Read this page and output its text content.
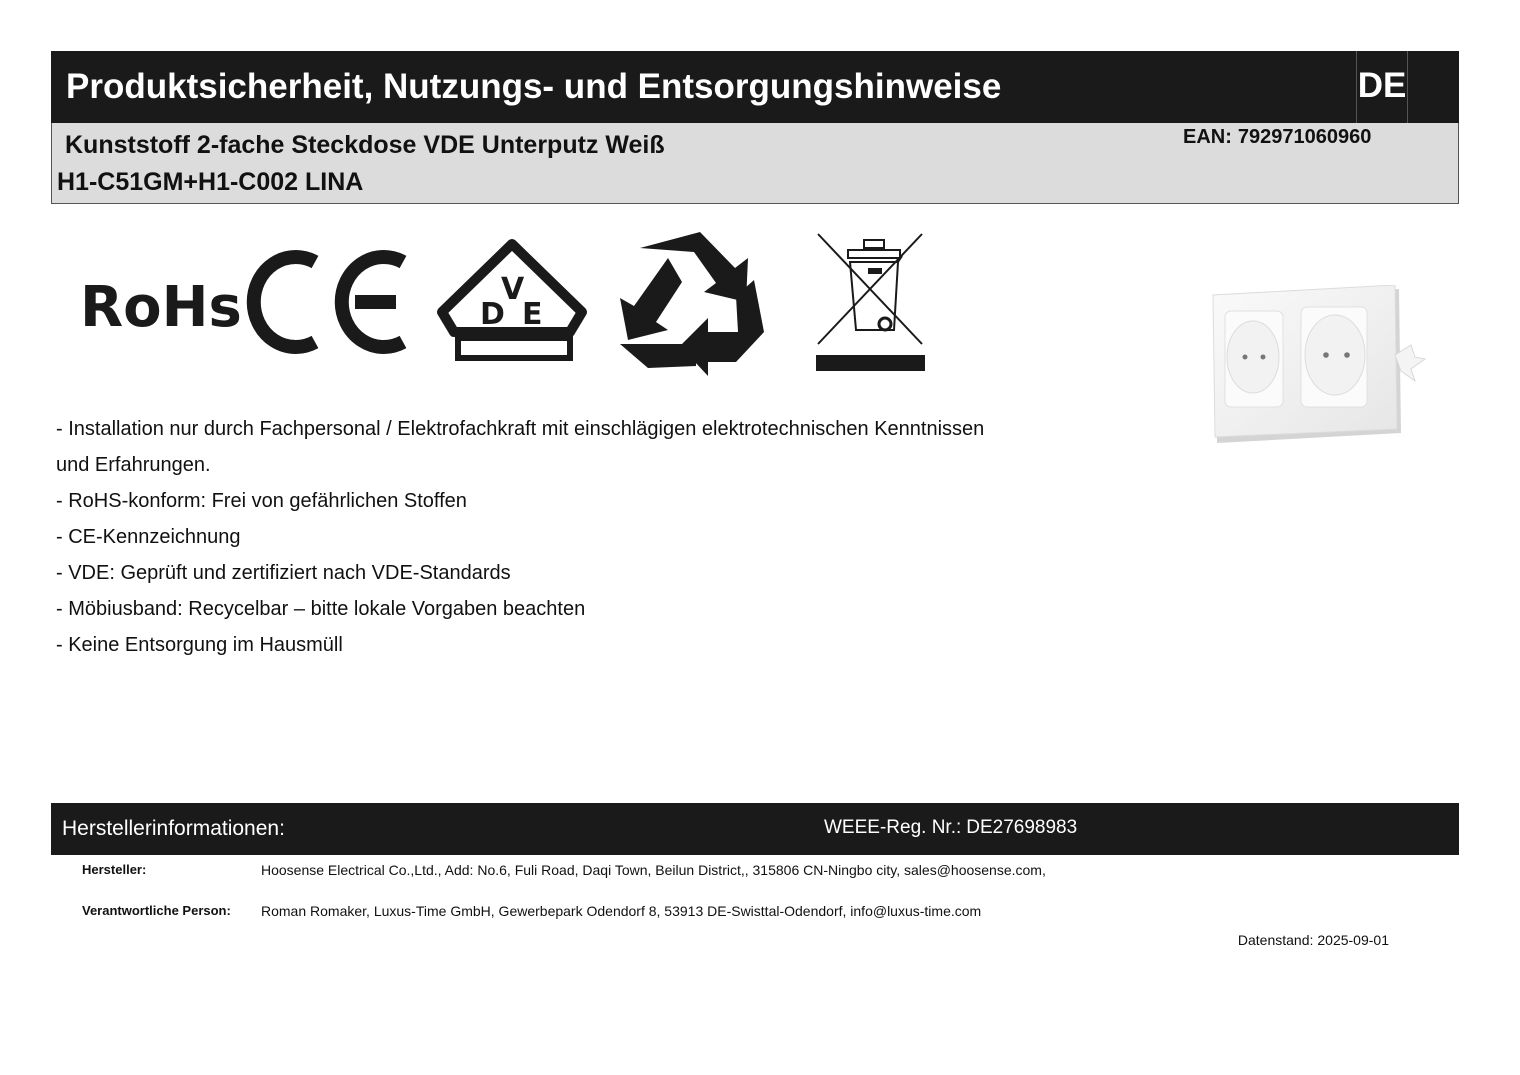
Produktsicherheit, Nutzungs- und Entsorgungshinweise	DE
Kunststoff 2-fache Steckdose VDE Unterputz Weiß
H1-C51GM+H1-C002 LINA
EAN: 792971060960
RoHs	D
V
E
- Installation nur durch Fachpersonal / Elektrofachkraft mit einschlägigen elektrotechnischen Kenntnissen
und Erfahrungen.
- RoHS-konform: Frei von gefährlichen Stoffen
- CE-Kennzeichnung
- VDE: Geprüft und zertifiziert nach VDE-Standards
- Möbiusband: Recycelbar – bitte lokale Vorgaben beachten
- Keine Entsorgung im Hausmüll
Herstellerinformationen:	WEEE-Reg. Nr.: DE27698983
Hersteller:	Hoosense Electrical Co.,Ltd., Add: No.6, Fuli Road, Daqi Town, Beilun District,, 315806 CN-Ningbo city, sales@hoosense.com,
Verantwortliche Person: Roman Romaker, Luxus-Time GmbH, Gewerbepark Odendorf 8, 53913 DE-Swisttal-Odendorf, info@luxus-time.com
Datenstand: 2025-09-01
